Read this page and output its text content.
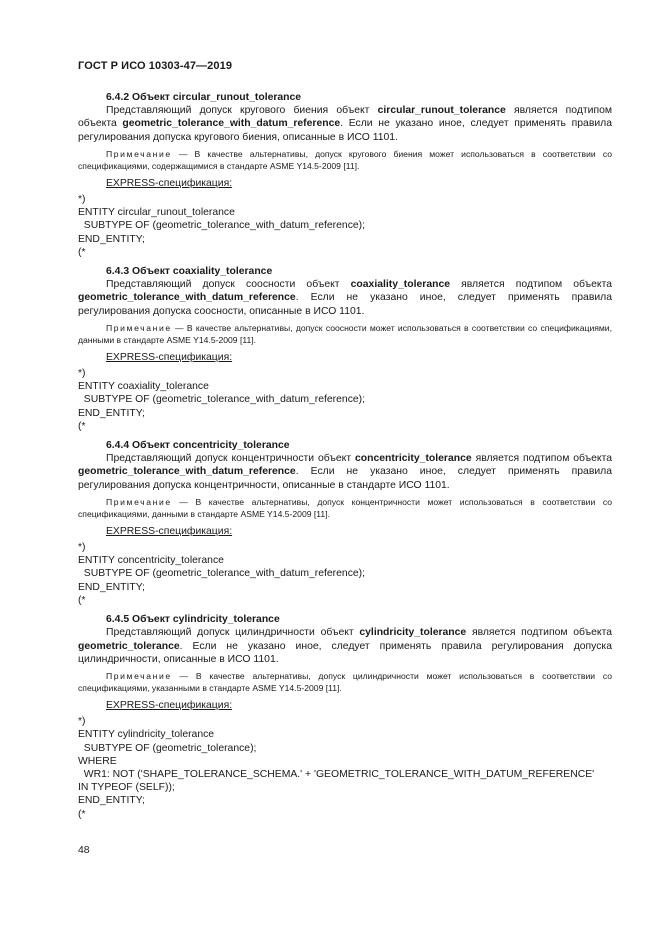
ГОСТ Р ИСО 10303-47—2019
6.4.2 Объект circular_runout_tolerance

Представляющий допуск кругового биения объект circular_runout_tolerance является подтипом объекта geometric_tolerance_with_datum_reference. Если не указано иное, следует применять правила регулирования допуска кругового биения, описанные в ИСО 1101.

Примечание — В качестве альтернативы, допуск кругового биения может использоваться в соответствии со спецификациями, содержащимися в стандарте ASME Y14.5-2009 [11].

EXPRESS-спецификация:
*)
ENTITY circular_runout_tolerance
SUBTYPE OF (geometric_tolerance_with_datum_reference);
END_ENTITY;
(*
6.4.3 Объект coaxiality_tolerance

Представляющий допуск соосности объект coaxiality_tolerance является подтипом объекта geometric_tolerance_with_datum_reference. Если не указано иное, следует применять правила регулирования допуска соосности, описанные в ИСО 1101.

Примечание — В качестве альтернативы, допуск соосности может использоваться в соответствии со спецификациями, данными в стандарте ASME Y14.5-2009 [11].

EXPRESS-спецификация:
*)
ENTITY coaxiality_tolerance
SUBTYPE OF (geometric_tolerance_with_datum_reference);
END_ENTITY;
(*
6.4.4 Объект concentricity_tolerance

Представляющий допуск концентричности объект concentricity_tolerance является подтипом объекта geometric_tolerance_with_datum_reference. Если не указано иное, следует применять правила регулирования допуска концентричности, описанные в стандарте ИСО 1101.

Примечание — В качестве альтернативы, допуск концентричности может использоваться в соответствии со спецификациями, данными в стандарте ASME Y14.5-2009 [11].

EXPRESS-спецификация:
*)
ENTITY concentricity_tolerance
SUBTYPE OF (geometric_tolerance_with_datum_reference);
END_ENTITY;
(*
6.4.5 Объект cylindricity_tolerance

Представляющий допуск цилиндричности объект cylindricity_tolerance является подтипом объекта geometric_tolerance. Если не указано иное, следует применять правила регулирования допуска цилиндричности, описанные в ИСО 1101.

Примечание — В качестве альтернативы, допуск цилиндричности может использоваться в соответствии со спецификациями, указанными в стандарте ASME Y14.5-2009 [11].

EXPRESS-спецификация:
*)
ENTITY cylindricity_tolerance
SUBTYPE OF (geometric_tolerance);
WHERE
WR1: NOT ('SHAPE_TOLERANCE_SCHEMA.' + 'GEOMETRIC_TOLERANCE_WITH_DATUM_REFERENCE'
IN TYPEOF (SELF));
END_ENTITY;
(*
48
